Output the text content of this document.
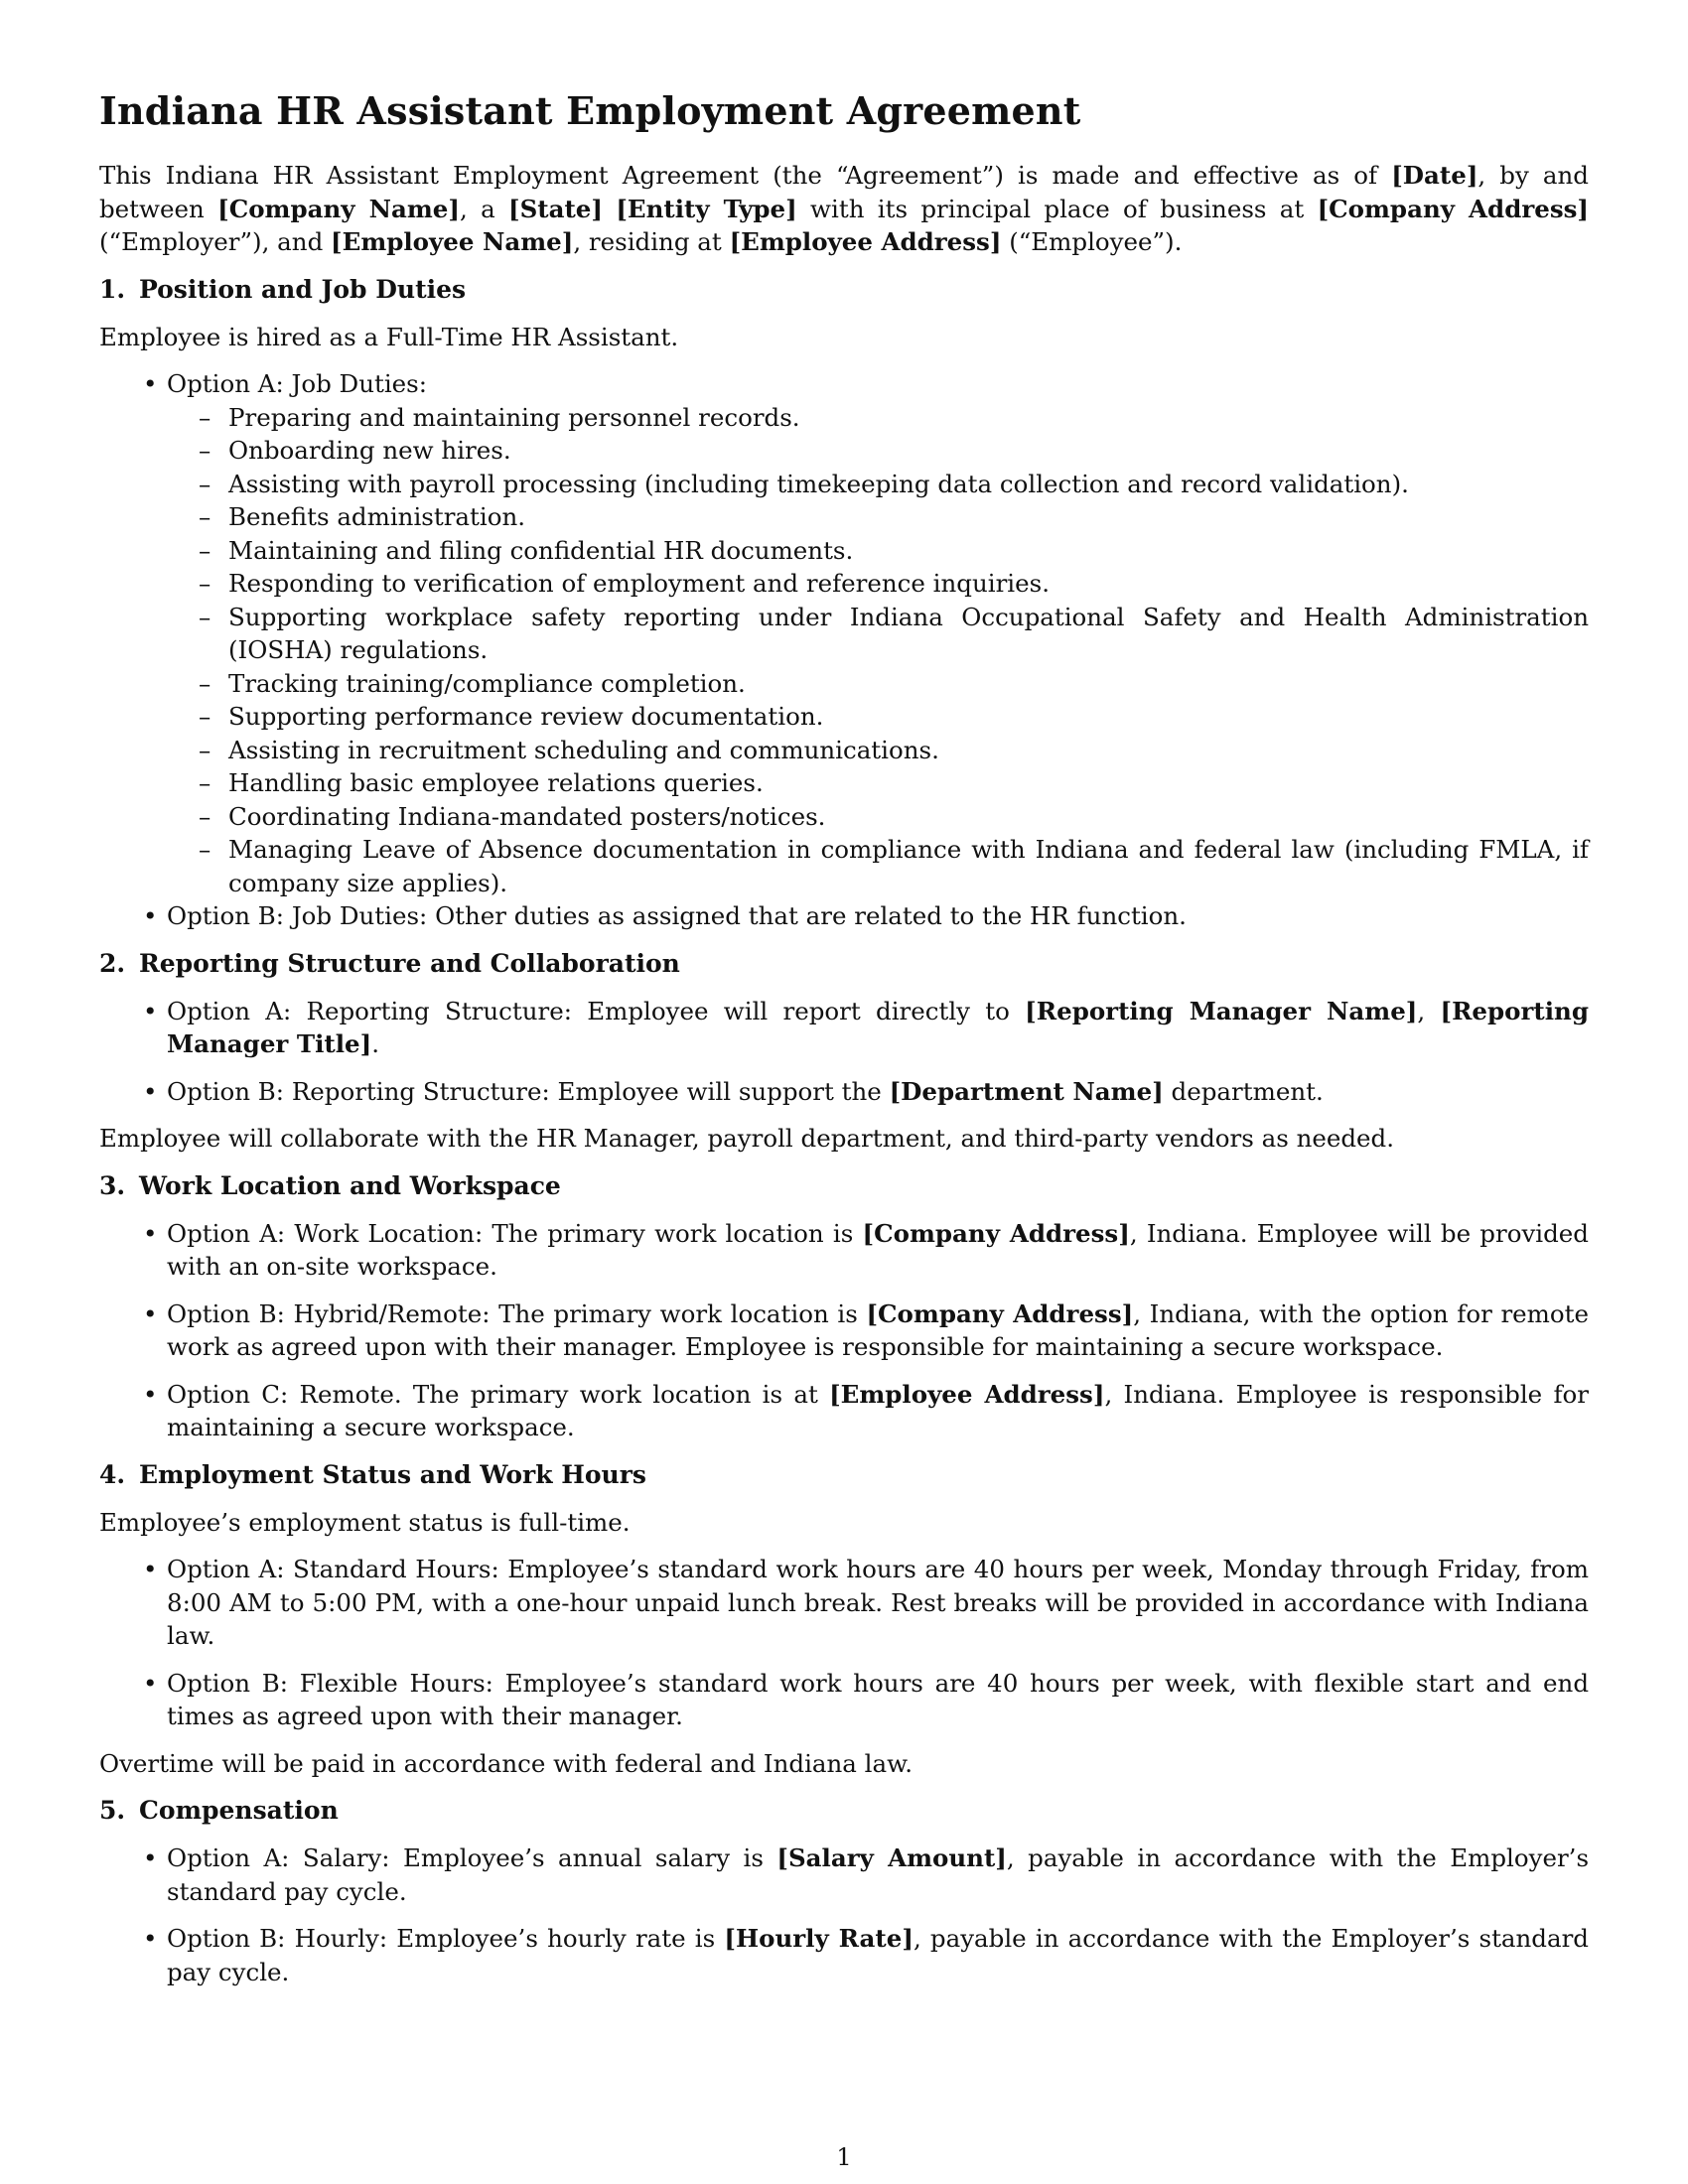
Indiana HR Assistant Employment Agreement

This Indiana HR Assistant Employment Agreement (the “Agreement”) is made and effective as of [Date], by and between [Company Name], a [State] [Entity Type] with its principal place of business at [Company Address] (“Employer”), and [Employee Name], residing at [Employee Address] (“Employee”).

1. Position and Job Duties

Employee is hired as a Full-Time HR Assistant.

• Option A: Job Duties:
– Preparing and maintaining personnel records.
– Onboarding new hires.
– Assisting with payroll processing (including timekeeping data collection and record validation).
– Benefits administration.
– Maintaining and filing confidential HR documents.
– Responding to verification of employment and reference inquiries.
– Supporting workplace safety reporting under Indiana Occupational Safety and Health Administration (IOSHA) regulations.
– Tracking training/compliance completion.
– Supporting performance review documentation.
– Assisting in recruitment scheduling and communications.
– Handling basic employee relations queries.
– Coordinating Indiana-mandated posters/notices.
– Managing Leave of Absence documentation in compliance with Indiana and federal law (including FMLA, if company size applies).
• Option B: Job Duties: Other duties as assigned that are related to the HR function.
2. Reporting Structure and Collaboration
• Option A: Reporting Structure: Employee will report directly to [Reporting Manager Name], [Reporting Manager Title].
• Option B: Reporting Structure: Employee will support the [Department Name] department.

Employee will collaborate with the HR Manager, payroll department, and third-party vendors as needed.

3. Work Location and Workspace
• Option A: Work Location: The primary work location is [Company Address], Indiana. Employee will be provided with an on-site workspace.
• Option B: Hybrid/Remote: The primary work location is [Company Address], Indiana, with the option for remote work as agreed upon with their manager. Employee is responsible for maintaining a secure workspace.
• Option C: Remote. The primary work location is at [Employee Address], Indiana. Employee is responsible for maintaining a secure workspace.
4. Employment Status and Work Hours

Employee’s employment status is full-time.

• Option A: Standard Hours: Employee’s standard work hours are 40 hours per week, Monday through Friday, from 8:00 AM to 5:00 PM, with a one-hour unpaid lunch break. Rest breaks will be provided in accordance with Indiana law.
• Option B: Flexible Hours: Employee’s standard work hours are 40 hours per week, with flexible start and end times as agreed upon with their manager.

Overtime will be paid in accordance with federal and Indiana law.

5. Compensation
• Option A: Salary: Employee’s annual salary is [Salary Amount], payable in accordance with the Employer’s standard pay cycle.
• Option B: Hourly: Employee’s hourly rate is [Hourly Rate], payable in accordance with the Employer’s standard pay cycle.
1
